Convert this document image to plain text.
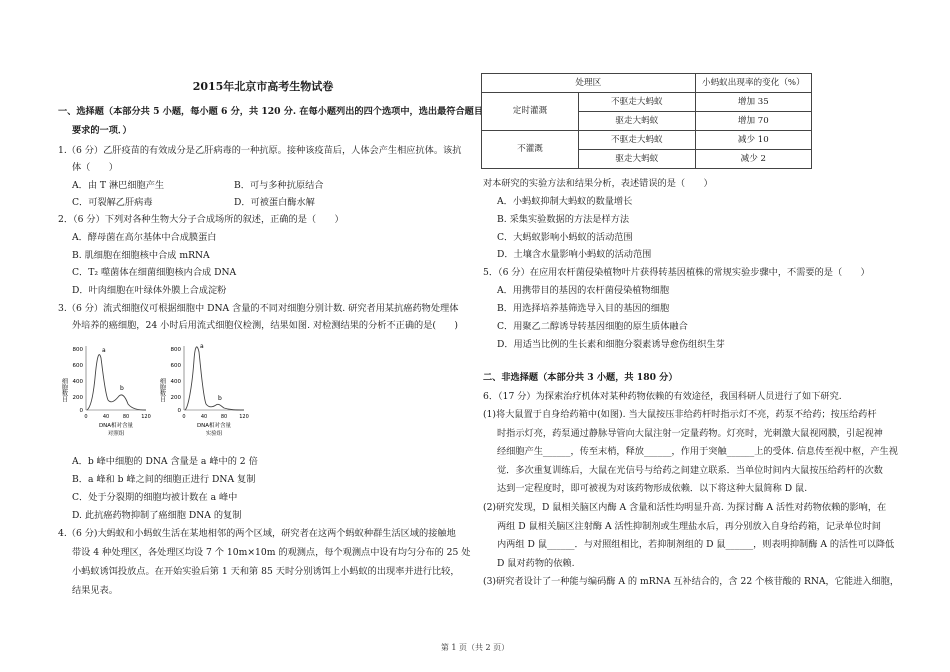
2015年北京市高考生物试卷
一、选择题（本部分共 5 小题，每小题 6 分，共 120 分. 在每小题列出的四个选项中，选出最符合题目
要求的一项．）
1.（6 分）乙肝疫苗的有效成分是乙肝病毒的一种抗原。接种该疫苗后，人体会产生相应抗体。该抗
体（　　）
A．由 T 淋巴细胞产生	B．可与多种抗原结合
C．可裂解乙肝病毒	D．可被蛋白酶水解
2．（6 分）下列对各种生物大分子合成场所的叙述，正确的是（　　）
A．酵母菌在高尔基体中合成膜蛋白
B. 肌细胞在细胞核中合成 mRNA
C．T₂ 噬菌体在细菌细胞核内合成 DNA
D．叶肉细胞在叶绿体外膜上合成淀粉
3.（6 分）流式细胞仪可根据细胞中 DNA 含量的不同对细胞分别计数. 研究者用某抗癌药物处理体
外培养的癌细胞，24 小时后用流式细胞仪检测，结果如图. 对检测结果的分析不正确的是(　　)
细胞数目
800
600
400
200
0
a
b
0	40	80 120
DNA相对含量
对照组
细胞数目
800
600
400
200
0
a
b
0	40	80 120
DNA相对含量
实验组
A．b 峰中细胞的 DNA 含量是 a 峰中的 2 倍
B．a 峰和 b 峰之间的细胞正进行 DNA 复制
C．处于分裂期的细胞均被计数在 a 峰中
D. 此抗癌药物抑制了癌细胞 DNA 的复制
4.（6 分)大蚂蚁和小蚂蚁生活在某地相邻的两个区域，研究者在这两个蚂蚁种群生活区域的接触地
带设 4 种处理区，各处理区均设 7 个 10m×10m 的观测点，每个观测点中设有均匀分布的 25 处
小蚂蚁诱饵投放点。在开始实验后第 1 天和第 85 天时分别诱饵上小蚂蚁的出现率并进行比较，
结果见表。
处理区		小蚂蚁出现率的变化（%）
定时灌溉	不驱走大蚂蚁	增加 35
	驱走大蚂蚁	增加 70
不灌溉	不驱走大蚂蚁	减少 10
	驱走大蚂蚁	减少 2
对本研究的实验方法和结果分析，表述错误的是（　　）
A．小蚂蚁抑制大蚂蚁的数量增长
B. 采集实验数据的方法是样方法
C．大蚂蚁影响小蚂蚁的活动范围
D．土壤含水量影响小蚂蚁的活动范围
5．（6 分）在应用农杆菌侵染植物叶片获得转基因植株的常规实验步骤中，不需要的是（　　）
A．用携带目的基因的农杆菌侵染植物细胞
B．用选择培养基筛选导入目的基因的细胞
C．用聚乙二醇诱导转基因细胞的原生质体融合
D．用适当比例的生长素和细胞分裂素诱导愈伤组织生芽
二、非选择题（本部分共 3 小题，共 180 分）
6．（17 分）为探索治疗机体对某种药物依赖的有效途径，我国科研人员进行了如下研究.
(1)将大鼠置于自身给药箱中(如图). 当大鼠按压非给药杆时指示灯不亮，药泵不给药；按压给药杆
时指示灯亮，药泵通过静脉导管向大鼠注射一定量药物。灯亮时，光刺激大鼠视网膜，引起视神
经细胞产生______，传至末梢，释放______，作用于突触______上的受体. 信息传至视中枢，产生视
觉．多次重复训练后，大鼠在光信号与给药之间建立联系．当单位时间内大鼠按压给药杆的次数
达到一定程度时，即可被视为对该药物形成依赖．以下将这种大鼠简称 D 鼠.
(2)研究发现，D 鼠相关脑区内酶 A 含量和活性均明显升高. 为探讨酶 A 活性对药物依赖的影响，在
两组 D 鼠相关脑区注射酶 A 活性抑制剂或生理盐水后，再分别放入自身给药箱，记录单位时间
内两组 D 鼠______．与对照组相比，若抑制剂组的 D 鼠______，则表明抑制酶 A 的活性可以降低
D 鼠对药物的依赖.
(3)研究者设计了一种能与编码酶 A 的 mRNA 互补结合的，含 22 个核苷酸的 RNA，它能进入细胞，
第 1 页（共 2 页）
